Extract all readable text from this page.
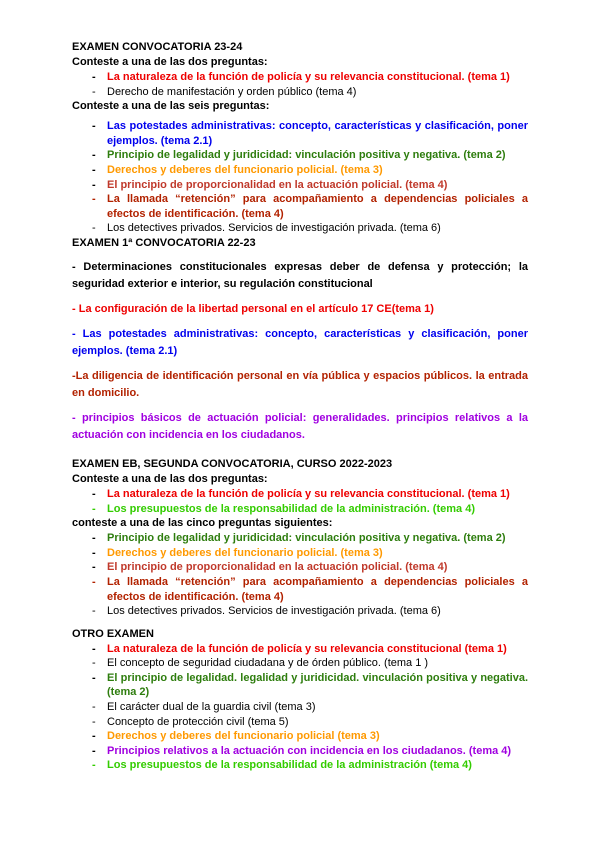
EXAMEN CONVOCATORIA 23-24
Conteste a una de las dos preguntas:
- La naturaleza de la función de policía y su relevancia constitucional. (tema 1)
- Derecho de manifestación y orden público (tema 4)
Conteste a una de las seis preguntas:
- Las potestades administrativas: concepto, características y clasificación, poner ejemplos. (tema 2.1)
- Principio de legalidad y juridicidad: vinculación positiva y negativa. (tema 2)
- Derechos y deberes del funcionario policial. (tema 3)
- El principio de proporcionalidad en la actuación policial. (tema 4)
- La llamada “retención” para acompañamiento a dependencias policiales a efectos de identificación. (tema 4)
- Los detectives privados. Servicios de investigación privada. (tema 6)
EXAMEN 1ª CONVOCATORIA 22-23
- Determinaciones constitucionales expresas deber de defensa y protección; la seguridad exterior e interior, su regulación constitucional
- La configuración de la libertad personal en el artículo 17 CE(tema 1)
- Las potestades administrativas: concepto, características y clasificación, poner ejemplos. (tema 2.1)
-La diligencia de identificación personal en vía pública y espacios públicos. la entrada en domicilio.
- principios básicos de actuación policial: generalidades. principios relativos a la actuación con incidencia en los ciudadanos.
EXAMEN EB, SEGUNDA CONVOCATORIA, CURSO 2022-2023
Conteste a una de las dos preguntas:
- La naturaleza de la función de policía y su relevancia constitucional. (tema 1)
- Los presupuestos de la responsabilidad de la administración. (tema 4)
conteste a una de las cinco preguntas siguientes:
- Principio de legalidad y juridicidad: vinculación positiva y negativa. (tema 2)
- Derechos y deberes del funcionario policial. (tema 3)
- El principio de proporcionalidad en la actuación policial. (tema 4)
- La llamada “retención” para acompañamiento a dependencias policiales a efectos de identificación. (tema 4)
- Los detectives privados. Servicios de investigación privada. (tema 6)
OTRO EXAMEN
- La naturaleza de la función de policía y su relevancia constitucional (tema 1)
- El concepto de seguridad ciudadana y de órden público. (tema 1 )
- El principio de legalidad. legalidad y juridicidad. vinculación positiva y negativa. (tema 2)
- El carácter dual de la guardia civil (tema 3)
- Concepto de protección civil (tema 5)
- Derechos y deberes del funcionario policial (tema 3)
- Principios relativos a la actuación con incidencia en los ciudadanos. (tema 4)
- Los presupuestos de la responsabilidad de la administración (tema 4)
